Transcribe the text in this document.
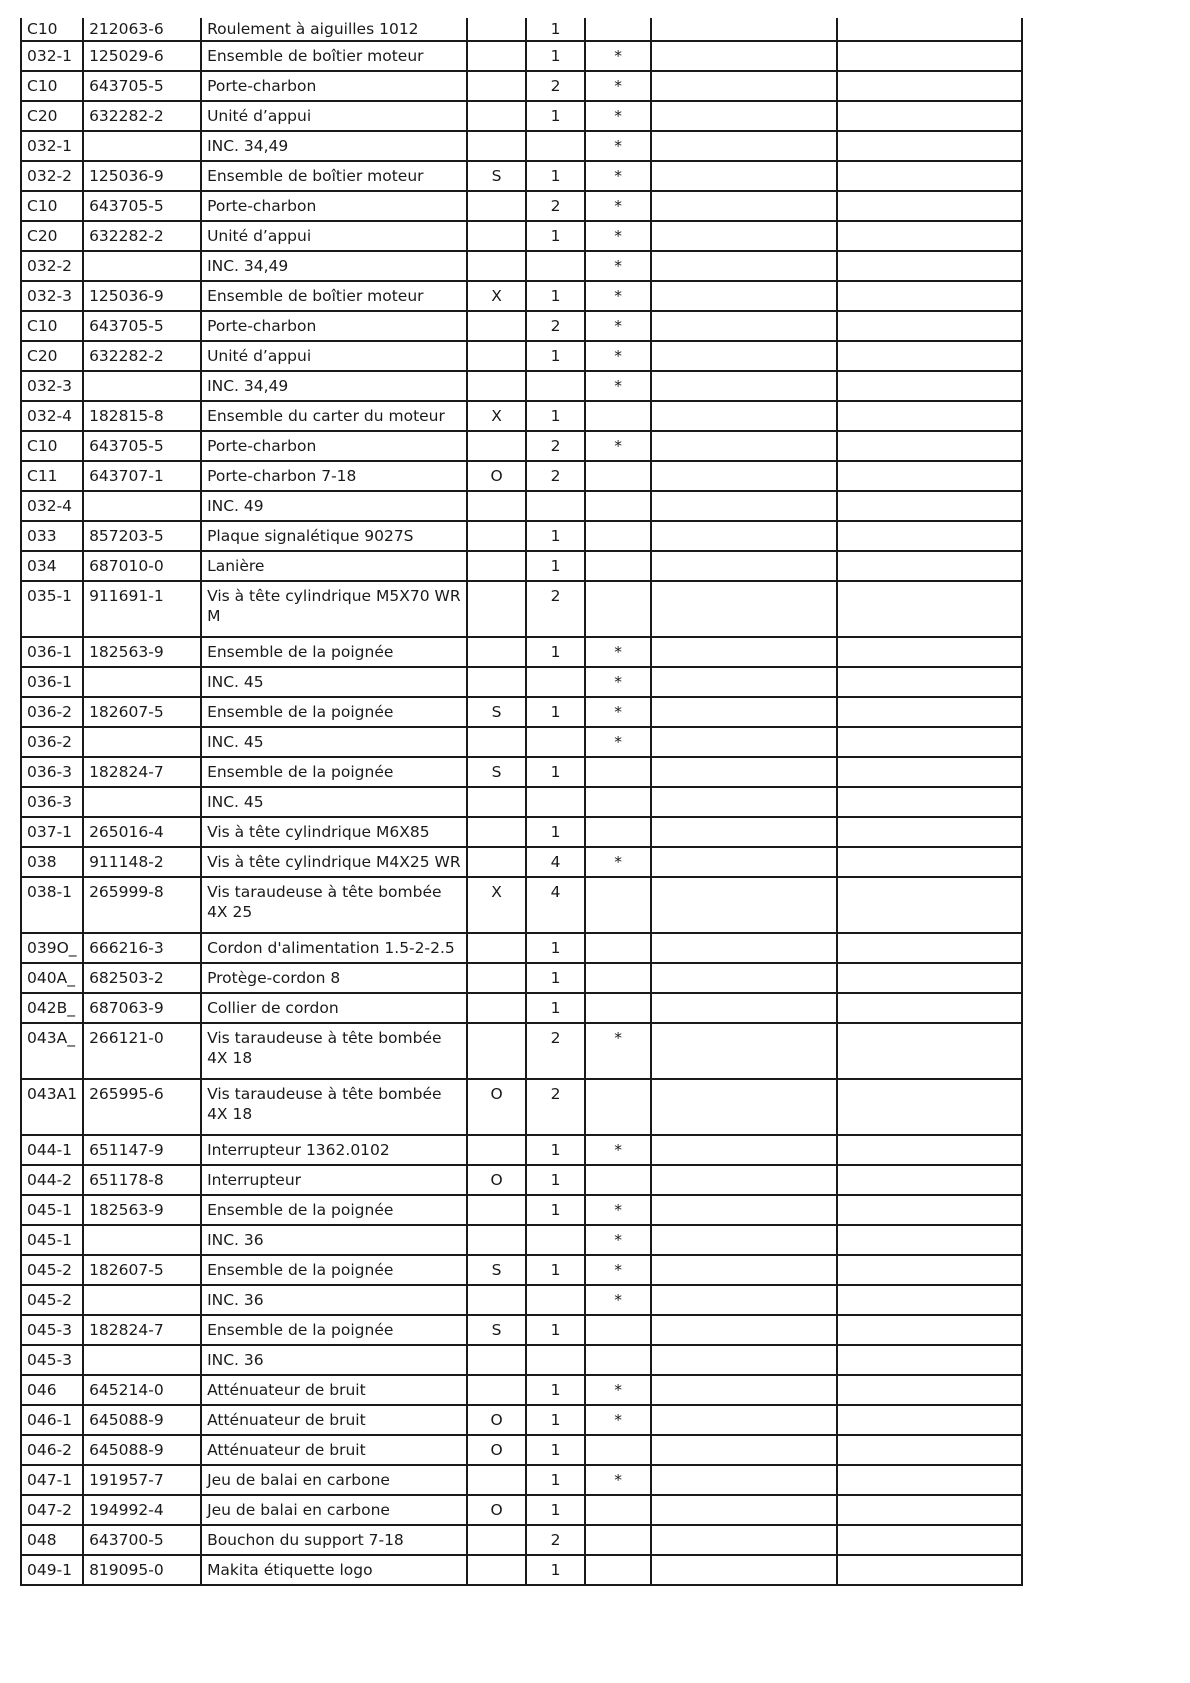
C10	212063-6	Roulement à aiguilles 1012		1			
032-1	125029-6	Ensemble de boîtier moteur		1	*		
C10	643705-5	Porte-charbon		2	*		
C20	632282-2	Unité d’appui		1	*		
032-1		INC. 34,49			*		
032-2	125036-9	Ensemble de boîtier moteur	S	1	*		
C10	643705-5	Porte-charbon		2	*		
C20	632282-2	Unité d’appui		1	*		
032-2		INC. 34,49			*		
032-3	125036-9	Ensemble de boîtier moteur	X	1	*		
C10	643705-5	Porte-charbon		2	*		
C20	632282-2	Unité d’appui		1	*		
032-3		INC. 34,49			*		
032-4	182815-8	Ensemble du carter du moteur	X	1			
C10	643705-5	Porte-charbon		2	*		
C11	643707-1	Porte-charbon 7-18	O	2			
032-4		INC. 49					
033	857203-5	Plaque signalétique 9027S		1			
034	687010-0	Lanière		1			
035-1	911691-1	Vis à tête cylindrique M5X70 WR M		2			
036-1	182563-9	Ensemble de la poignée		1	*		
036-1		INC. 45			*		
036-2	182607-5	Ensemble de la poignée	S	1	*		
036-2		INC. 45			*		
036-3	182824-7	Ensemble de la poignée	S	1			
036-3		INC. 45					
037-1	265016-4	Vis à tête cylindrique M6X85		1			
038	911148-2	Vis à tête cylindrique M4X25 WR		4	*		
038-1	265999-8	Vis taraudeuse à tête bombée 4X 25	X	4			
039O_	666216-3	Cordon d'alimentation 1.5-2-2.5		1			
040A_	682503-2	Protège-cordon 8		1			
042B_	687063-9	Collier de cordon		1			
043A_	266121-0	Vis taraudeuse à tête bombée 4X 18		2	*		
043A1	265995-6	Vis taraudeuse à tête bombée 4X 18	O	2			
044-1	651147-9	Interrupteur 1362.0102		1	*		
044-2	651178-8	Interrupteur	O	1			
045-1	182563-9	Ensemble de la poignée		1	*		
045-1		INC. 36			*		
045-2	182607-5	Ensemble de la poignée	S	1	*		
045-2		INC. 36			*		
045-3	182824-7	Ensemble de la poignée	S	1			
045-3		INC. 36					
046	645214-0	Atténuateur de bruit		1	*		
046-1	645088-9	Atténuateur de bruit	O	1	*		
046-2	645088-9	Atténuateur de bruit	O	1			
047-1	191957-7	Jeu de balai en carbone		1	*		
047-2	194992-4	Jeu de balai en carbone	O	1			
048	643700-5	Bouchon du support 7-18		2			
049-1	819095-0	Makita étiquette logo		1			
